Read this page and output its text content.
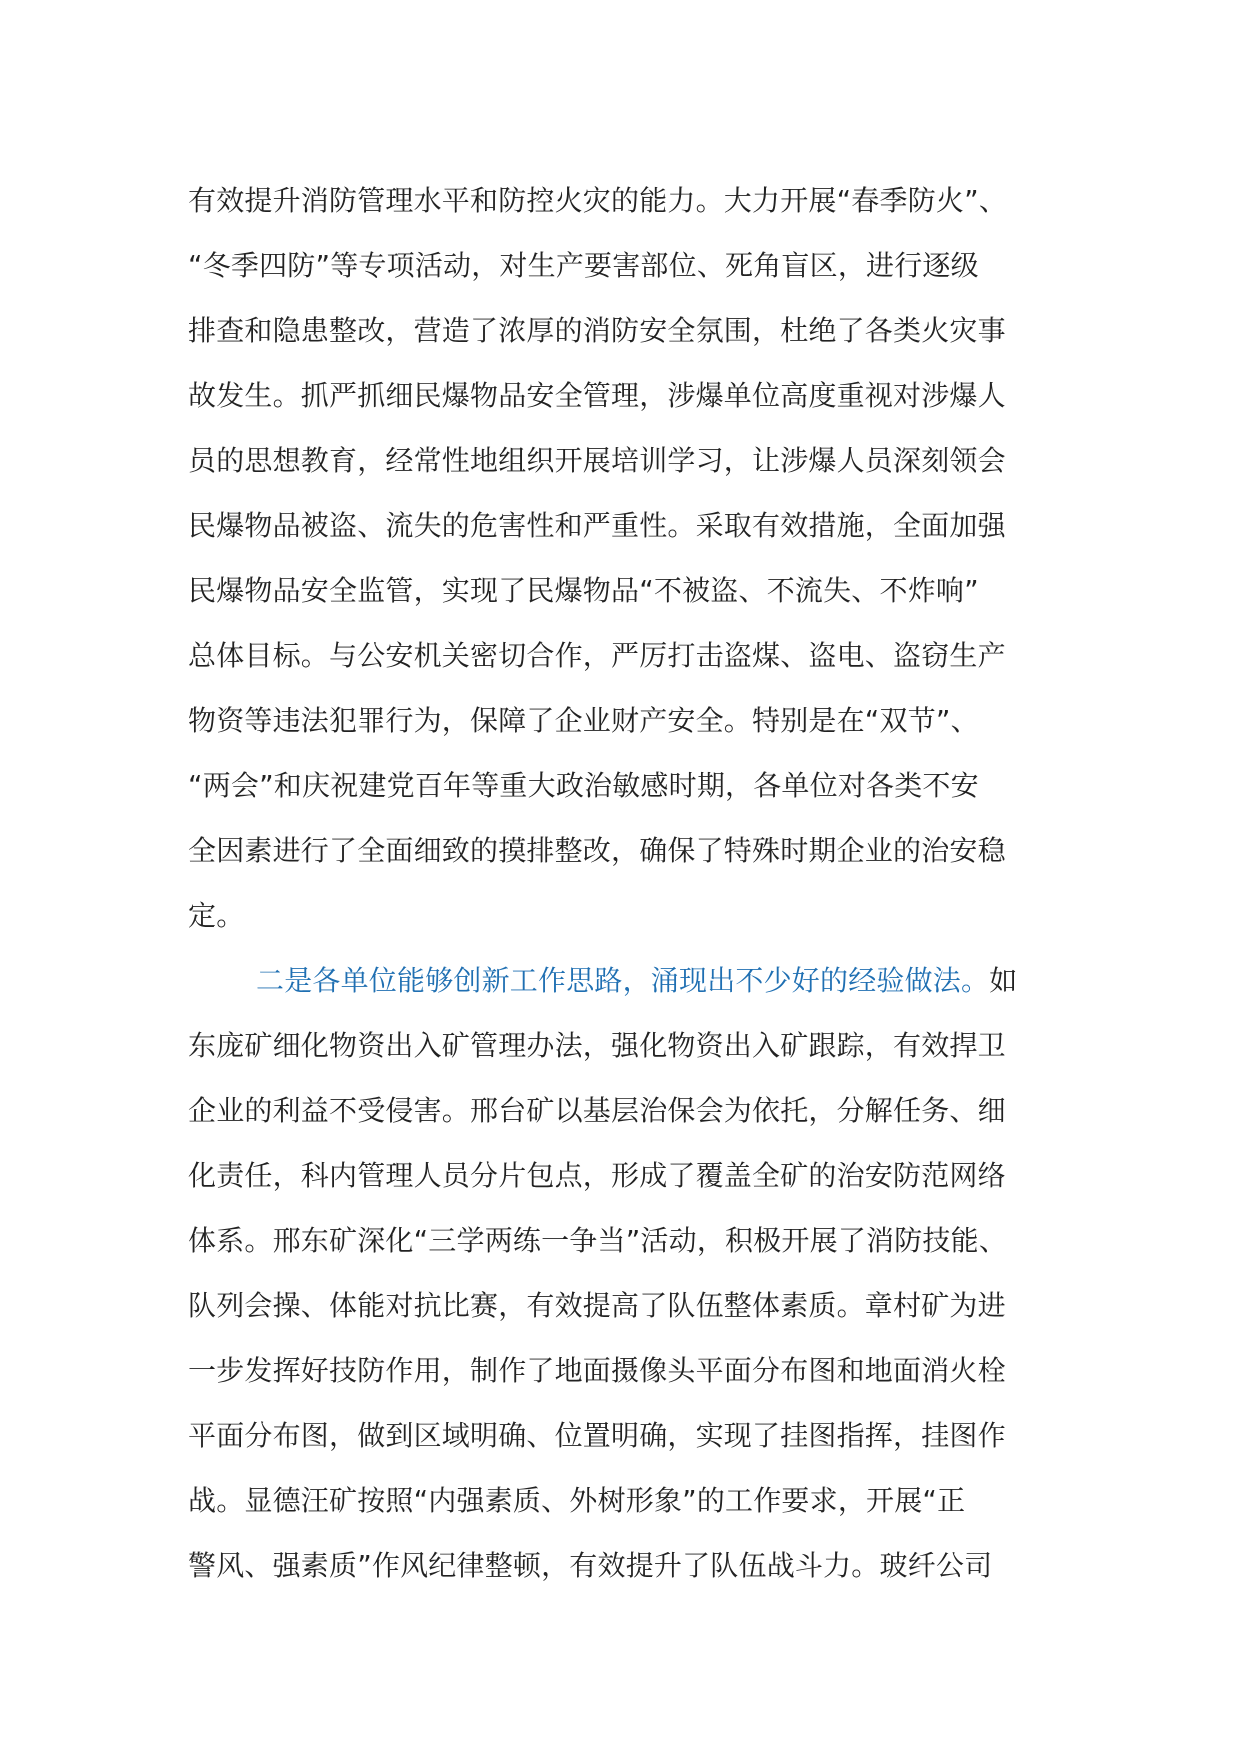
有效提升消防管理水平和防控火灾的能力。大力开展“春季防火”、
“冬季四防”等专项活动，对生产要害部位、死角盲区，进行逐级
排查和隐患整改，营造了浓厚的消防安全氛围，杜绝了各类火灾事
故发生。抓严抓细民爆物品安全管理，涉爆单位高度重视对涉爆人
员的思想教育，经常性地组织开展培训学习，让涉爆人员深刻领会
民爆物品被盗、流失的危害性和严重性。采取有效措施，全面加强
民爆物品安全监管，实现了民爆物品“不被盗、不流失、不炸响”
总体目标。与公安机关密切合作，严厉打击盗煤、盗电、盗窃生产
物资等违法犯罪行为，保障了企业财产安全。特别是在“双节”、
“两会”和庆祝建党百年等重大政治敏感时期，各单位对各类不安
全因素进行了全面细致的摸排整改，确保了特殊时期企业的治安稳
定。
二是各单位能够创新工作思路，涌现出不少好的经验做法。如
东庞矿细化物资出入矿管理办法，强化物资出入矿跟踪，有效捍卫
企业的利益不受侵害。邢台矿以基层治保会为依托，分解任务、细
化责任，科内管理人员分片包点，形成了覆盖全矿的治安防范网络
体系。邢东矿深化“三学两练一争当”活动，积极开展了消防技能、
队列会操、体能对抗比赛，有效提高了队伍整体素质。章村矿为进
一步发挥好技防作用，制作了地面摄像头平面分布图和地面消火栓
平面分布图，做到区域明确、位置明确，实现了挂图指挥，挂图作
战。显德汪矿按照“内强素质、外树形象”的工作要求，开展“正
警风、强素质”作风纪律整顿，有效提升了队伍战斗力。玻纤公司
